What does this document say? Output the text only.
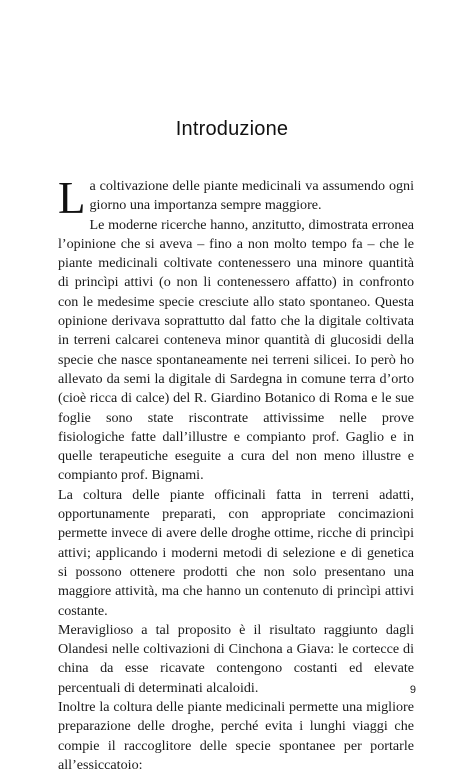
Introduzione

La coltivazione delle piante medicinali va assumendo ogni giorno una importanza sempre maggiore.

Le moderne ricerche hanno, anzitutto, dimostrata erronea l’opinione che si aveva – fino a non molto tempo fa – che le piante medicinali coltivate contenessero una minore quantità di princìpi attivi (o non li contenessero affatto) in confronto con le medesime specie cresciute allo stato spontaneo. Questa opinione derivava soprattutto dal fatto che la digitale coltivata in terreni calcarei conteneva minor quantità di glucosidi della specie che nasce spontaneamente nei terreni silicei. Io però ho allevato da semi la digitale di Sardegna in comune terra d’orto (cioè ricca di calce) del R. Giardino Botanico di Roma e le sue foglie sono state riscontrate attivissime nelle prove fisiologiche fatte dall’illustre e compianto prof. Gaglio e in quelle terapeutiche eseguite a cura del non meno illustre e compianto prof. Bignami.

La coltura delle piante officinali fatta in terreni adatti, opportunamente preparati, con appropriate concimazioni permette invece di avere delle droghe ottime, ricche di princìpi attivi; applicando i moderni metodi di selezione e di genetica si possono ottenere prodotti che non solo presentano una maggiore attività, ma che hanno un contenuto di princìpi attivi costante.

Meraviglioso a tal proposito è il risultato raggiunto dagli Olandesi nelle coltivazioni di Cinchona a Giava: le cortecce di china da esse ricavate contengono costanti ed elevate percentuali di determinati alcaloidi.

Inoltre la coltura delle piante medicinali permette una migliore preparazione delle droghe, perché evita i lunghi viaggi che compie il raccoglitore delle specie spontanee per portarle all’essiccatoio:

9
